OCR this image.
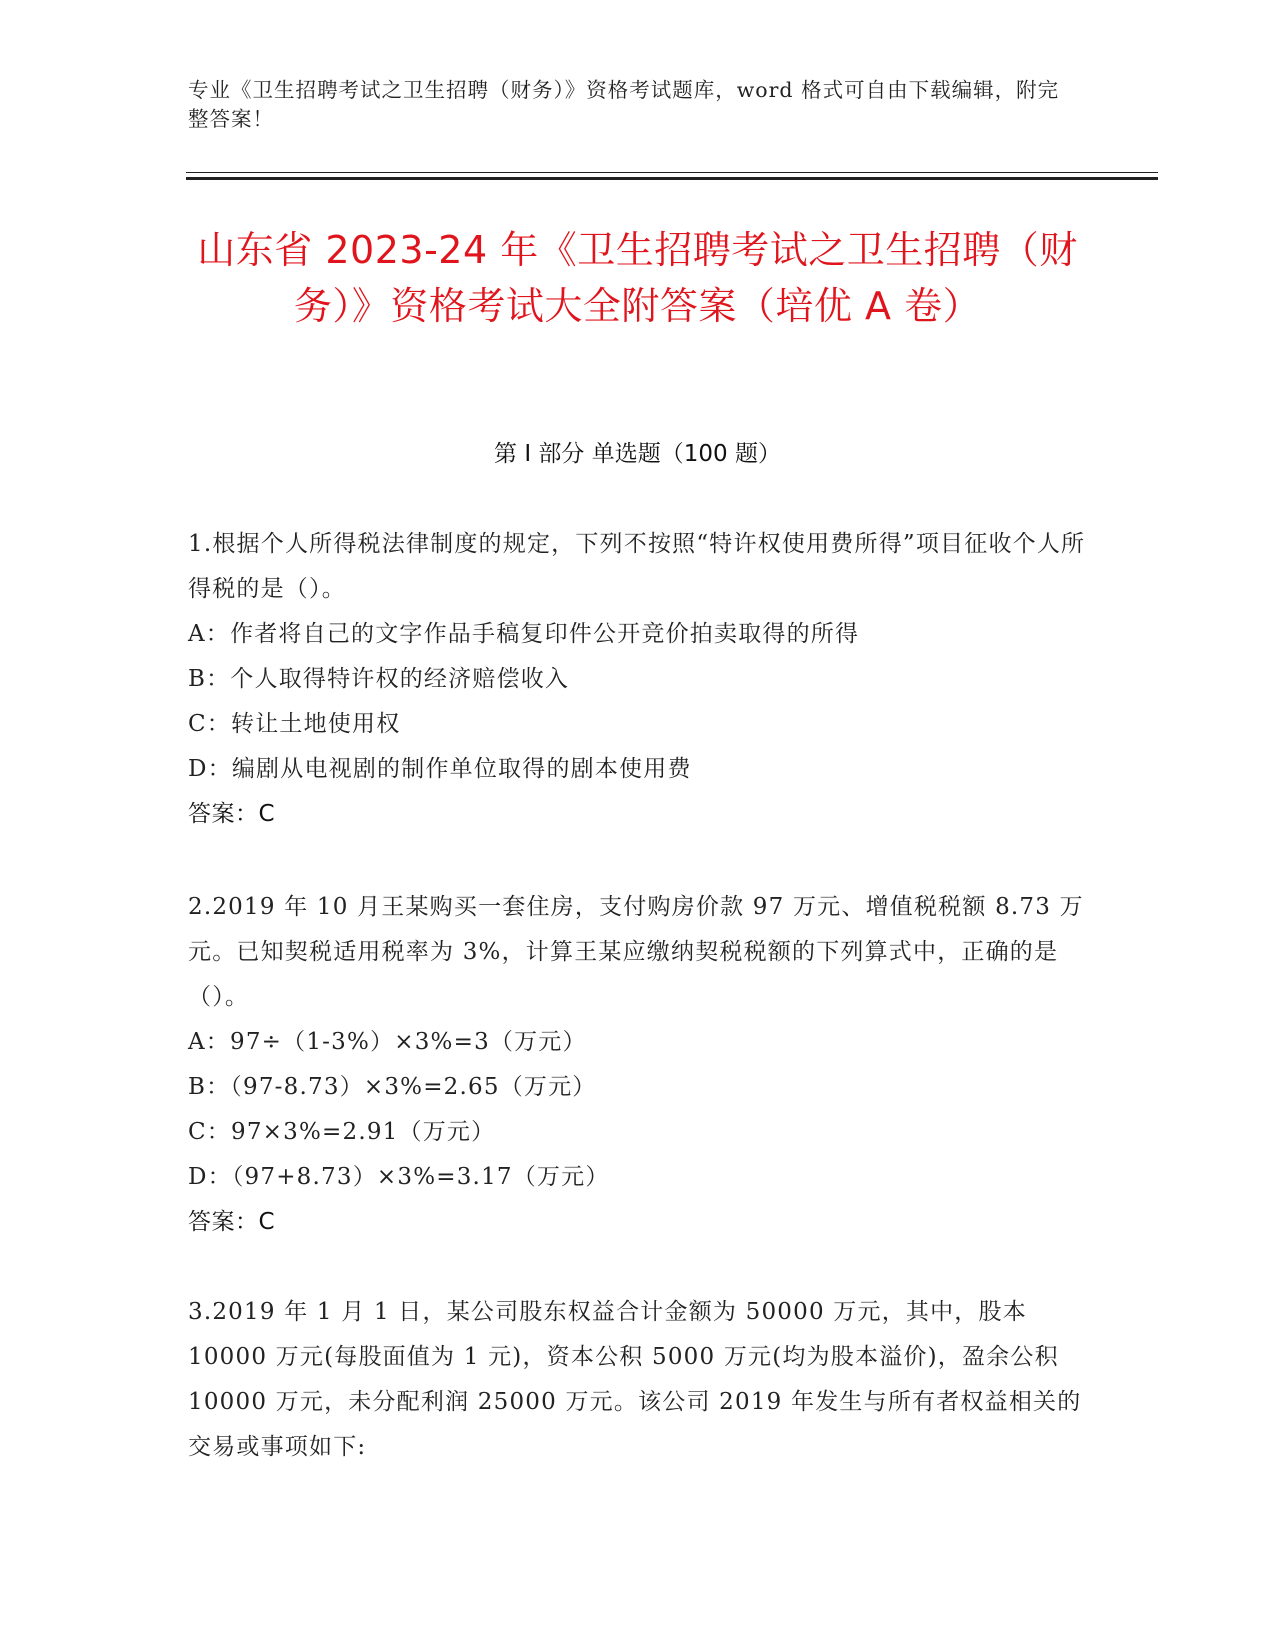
专业《卫生招聘考试之卫生招聘（财务）》资格考试题库，word 格式可自由下载编辑，附完整答案！
山东省 2023-24 年《卫生招聘考试之卫生招聘（财务）》资格考试大全附答案（培优 A 卷）
第 I 部分 单选题（100 题）

1.根据个人所得税法律制度的规定，下列不按照“特许权使用费所得”项目征收个人所得税的是（）。

A：作者将自己的文字作品手稿复印件公开竞价拍卖取得的所得

B：个人取得特许权的经济赔偿收入

C：转让土地使用权

D：编剧从电视剧的制作单位取得的剧本使用费

答案：C

2.2019 年 10 月王某购买一套住房，支付购房价款 97 万元、增值税税额 8.73 万元。已知契税适用税率为 3%，计算王某应缴纳契税税额的下列算式中，正确的是（）。

A：97÷（1-3%）×3%=3（万元）

B：（97-8.73）×3%=2.65（万元）

C：97×3%=2.91（万元）

D：（97+8.73）×3%=3.17（万元）

答案：C

3.2019 年 1 月 1 日，某公司股东权益合计金额为 50000 万元，其中，股本 10000 万元(每股面值为 1 元)，资本公积 5000 万元(均为股本溢价)，盈余公积 10000 万元，未分配利润 25000 万元。该公司 2019 年发生与所有者权益相关的交易或事项如下:
